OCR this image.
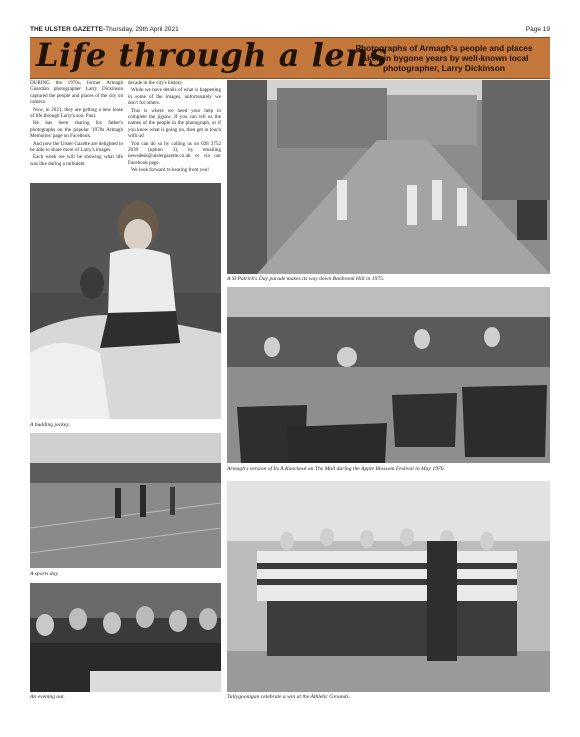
THE ULSTER GAZETTE-Thursday, 29th April 2021	Page 19
Life through a lens
Photographs of Armagh's people and places taken in bygone years by well-known local photographer, Larry Dickinson

DURING the 1970s, former Armagh Guardian photographer Larry Dickinson captured the people and places of the city on camera.

Now, in 2021, they are getting a new lease of life through Larry's son, Paul.

He has been sharing his father's photographs on the popular '1970s Armagh Memories' page on Facebook.

And now the Ulster Gazette are delighted to be able to share more of Larry's images.

Each week we will be showing what life was like during a turbulent

decade in the city's history.

While we have details of what is happening in some of the images, unfortunately we don't for others.

This is where we need your help to complete the jigsaw. If you can tell us the names of the people in the photograph, or if you know what is going on, then get in touch with us!

You can do so by calling us on 028 3752 2639 (option 3), by emailing newsdesk@ulstergazette.co.uk or via our Facebook page.

We look forward to hearing from you!

A budding jockey.
A sports day.
An evening out.
A St Patrick's Day parade makes its way down Banbrook Hill in 1975.
Armagh's version of Its A Knockout on The Mall during the Apple Blossom Festival in May 1976.
Tullygoonigan celebrate a win at the Athletic Grounds.
